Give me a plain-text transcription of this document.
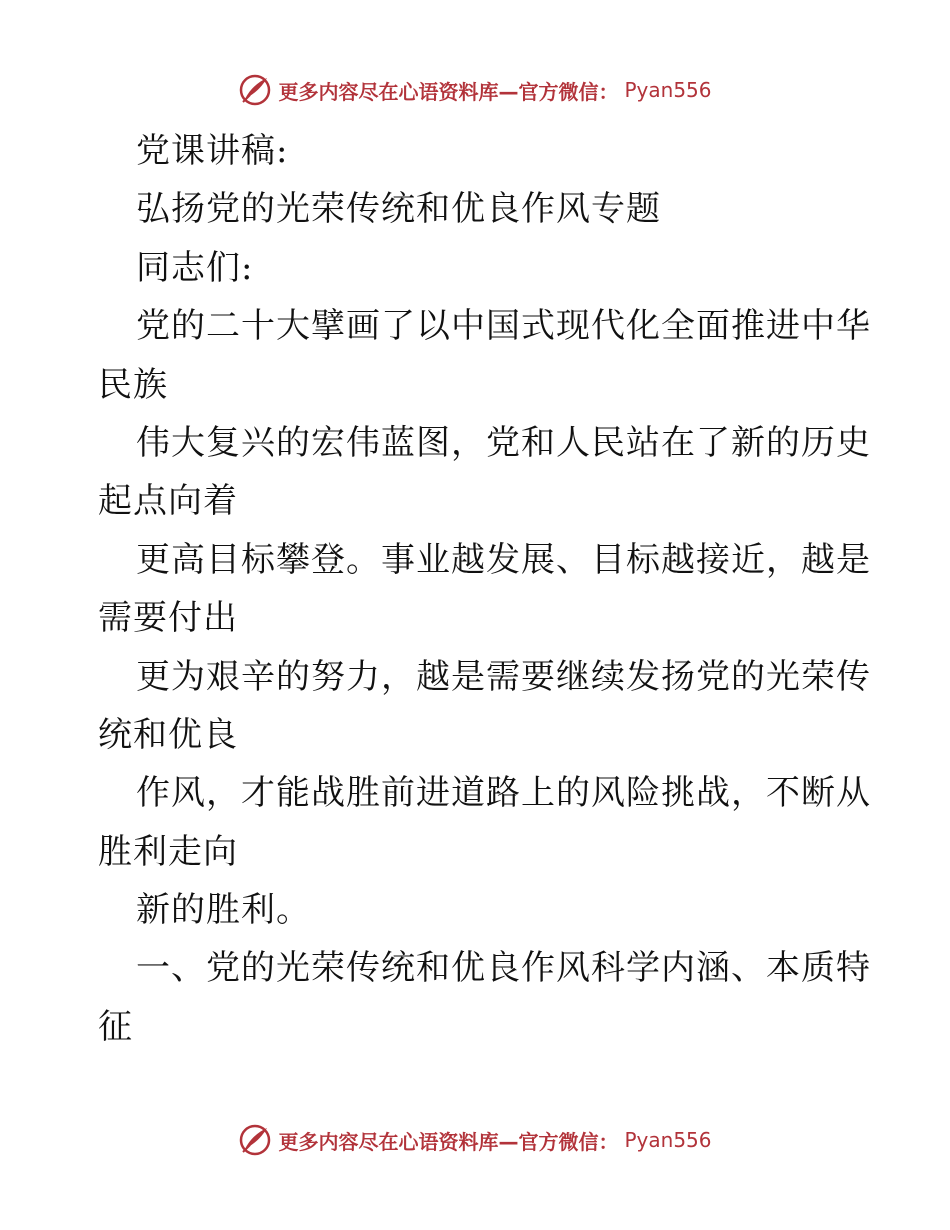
更多内容尽在心语资料库—官方微信： Pyan556
党课讲稿:
弘扬党的光荣传统和优良作风专题
同志们:
党的二十大擘画了以中国式现代化全面推进中华
民族
伟大复兴的宏伟蓝图，党和人民站在了新的历史
起点向着
更高目标攀登。事业越发展、目标越接近，越是
需要付出
更为艰辛的努力，越是需要继续发扬党的光荣传
统和优良
作风，才能战胜前进道路上的风险挑战，不断从
胜利走向
新的胜利。
一、党的光荣传统和优良作风科学内涵、本质特
征
更多内容尽在心语资料库—官方微信： Pyan556
